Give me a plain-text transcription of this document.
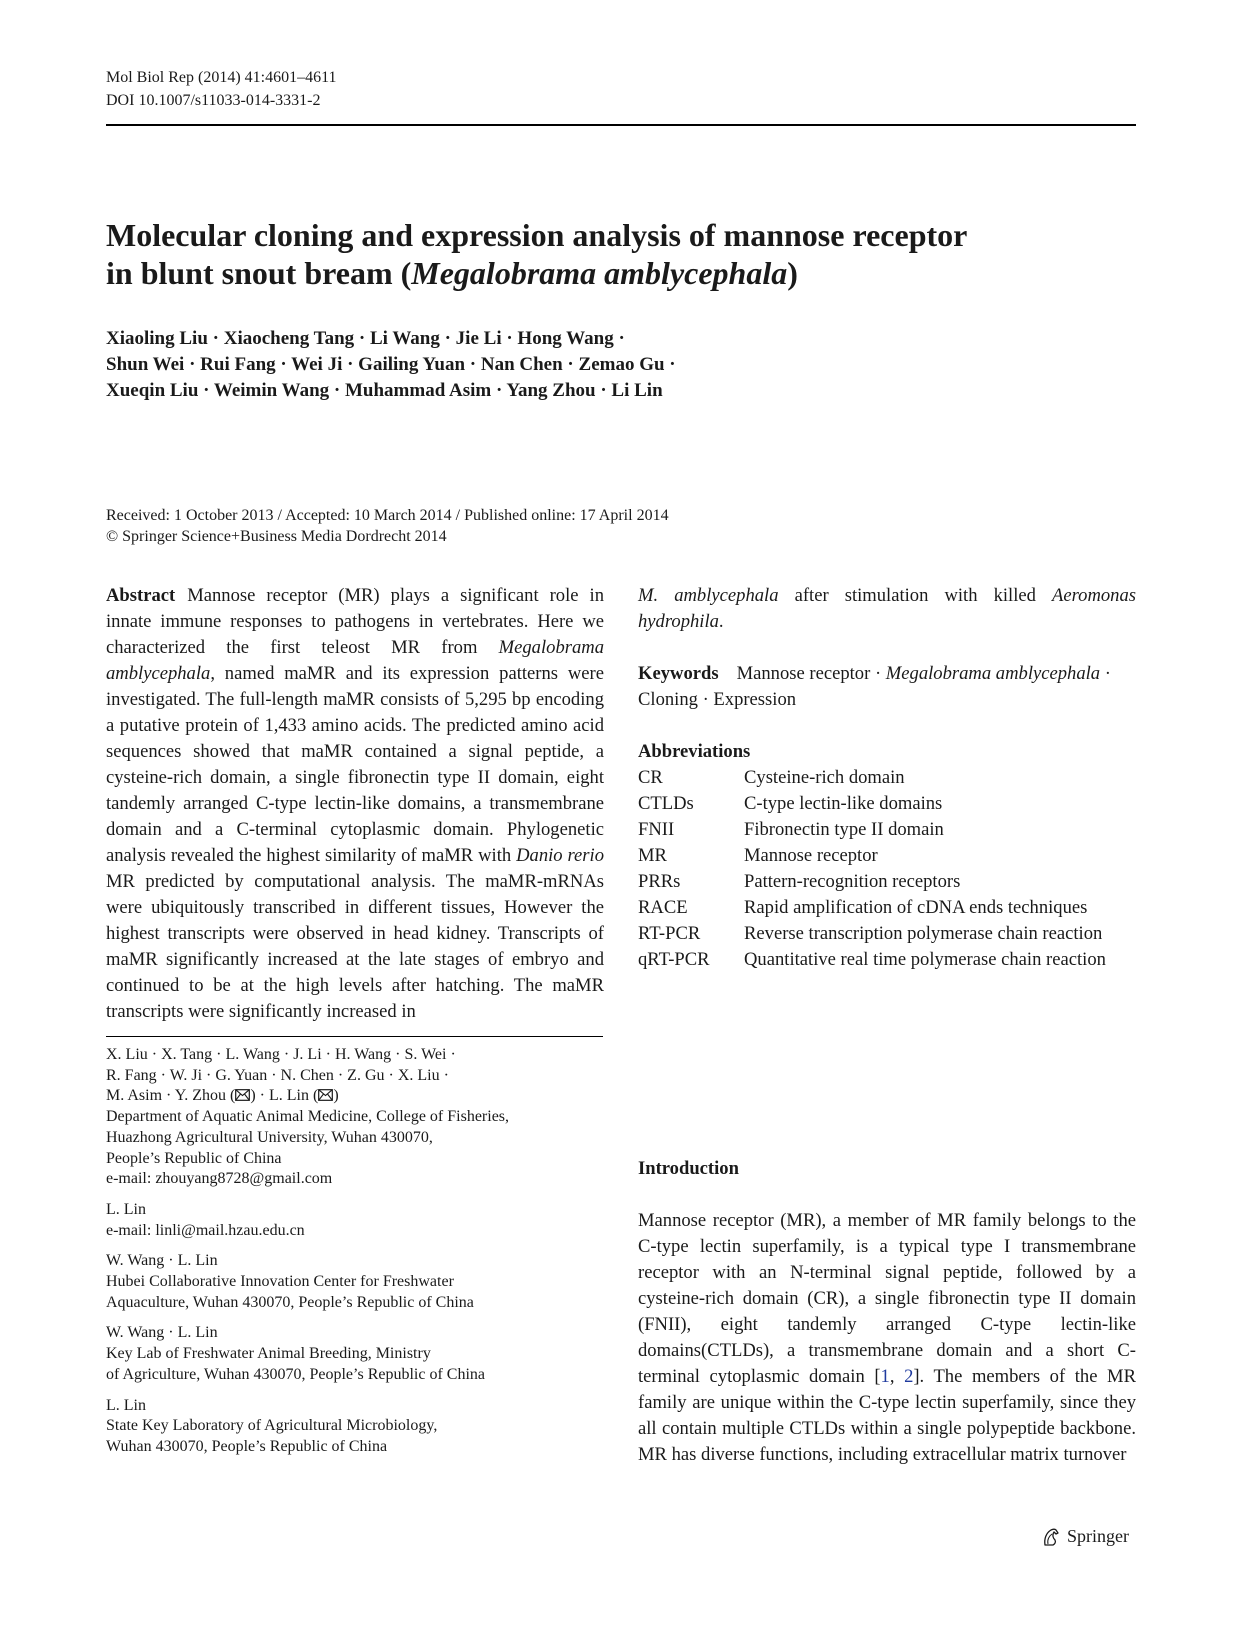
Mol Biol Rep (2014) 41:4601–4611
DOI 10.1007/s11033-014-3331-2
Molecular cloning and expression analysis of mannose receptor
in blunt snout bream (Megalobrama amblycephala)
Xiaoling Liu · Xiaocheng Tang · Li Wang · Jie Li · Hong Wang ·
Shun Wei · Rui Fang · Wei Ji · Gailing Yuan · Nan Chen · Zemao Gu ·
Xueqin Liu · Weimin Wang · Muhammad Asim · Yang Zhou · Li Lin
Received: 1 October 2013 / Accepted: 10 March 2014 / Published online: 17 April 2014
© Springer Science+Business Media Dordrecht 2014

Abstract Mannose receptor (MR) plays a significant role in innate immune responses to pathogens in vertebrates. Here we characterized the first teleost MR from Megalobrama amblycephala, named maMR and its expression patterns were investigated. The full-length maMR consists of 5,295 bp encoding a putative protein of 1,433 amino acids. The predicted amino acid sequences showed that maMR contained a signal peptide, a cysteine-rich domain, a single fibronectin type II domain, eight tandemly arranged C-type lectin-like domains, a transmembrane domain and a C-terminal cytoplasmic domain. Phylogenetic analysis revealed the highest similarity of maMR with Danio rerio MR predicted by computational analysis. The maMR-mRNAs were ubiquitously transcribed in different tissues, However the highest transcripts were observed in head kidney. Transcripts of maMR significantly increased at the late stages of embryo and continued to be at the high levels after hatching. The maMR transcripts were significantly increased in

X. Liu · X. Tang · L. Wang · J. Li · H. Wang · S. Wei ·
R. Fang · W. Ji · G. Yuan · N. Chen · Z. Gu · X. Liu ·
M. Asim · Y. Zhou ( ) · L. Lin ( )
Department of Aquatic Animal Medicine, College of Fisheries,
Huazhong Agricultural University, Wuhan 430070,
People’s Republic of China
e-mail: zhouyang8728@gmail.com
L. Lin
e-mail: linli@mail.hzau.edu.cn
W. Wang · L. Lin
Hubei Collaborative Innovation Center for Freshwater
Aquaculture, Wuhan 430070, People’s Republic of China
W. Wang · L. Lin
Key Lab of Freshwater Animal Breeding, Ministry
of Agriculture, Wuhan 430070, People’s Republic of China
L. Lin
State Key Laboratory of Agricultural Microbiology,
Wuhan 430070, People’s Republic of China

M. amblycephala after stimulation with killed Aeromonas hydrophila.

Keywords Mannose receptor · Megalobrama amblycephala · Cloning · Expression
Abbreviations
CR	Cysteine-rich domain
CTLDs	C-type lectin-like domains
FNII	Fibronectin type II domain
MR	Mannose receptor
PRRs	Pattern-recognition receptors
RACE	Rapid amplification of cDNA ends techniques
RT-PCR	Reverse transcription polymerase chain reaction
qRT-PCR	Quantitative real time polymerase chain reaction
Introduction
Mannose receptor (MR), a member of MR family belongs to the C-type lectin superfamily, is a typical type I transmembrane receptor with an N-terminal signal peptide, followed by a cysteine-rich domain (CR), a single fibronectin type II domain (FNII), eight tandemly arranged C-type lectin-like domains(CTLDs), a transmembrane domain and a short C-terminal cytoplasmic domain [1, 2]. The members of the MR family are unique within the C-type lectin superfamily, since they all contain multiple CTLDs within a single polypeptide backbone. MR has diverse functions, including extracellular matrix turnover
Springer
